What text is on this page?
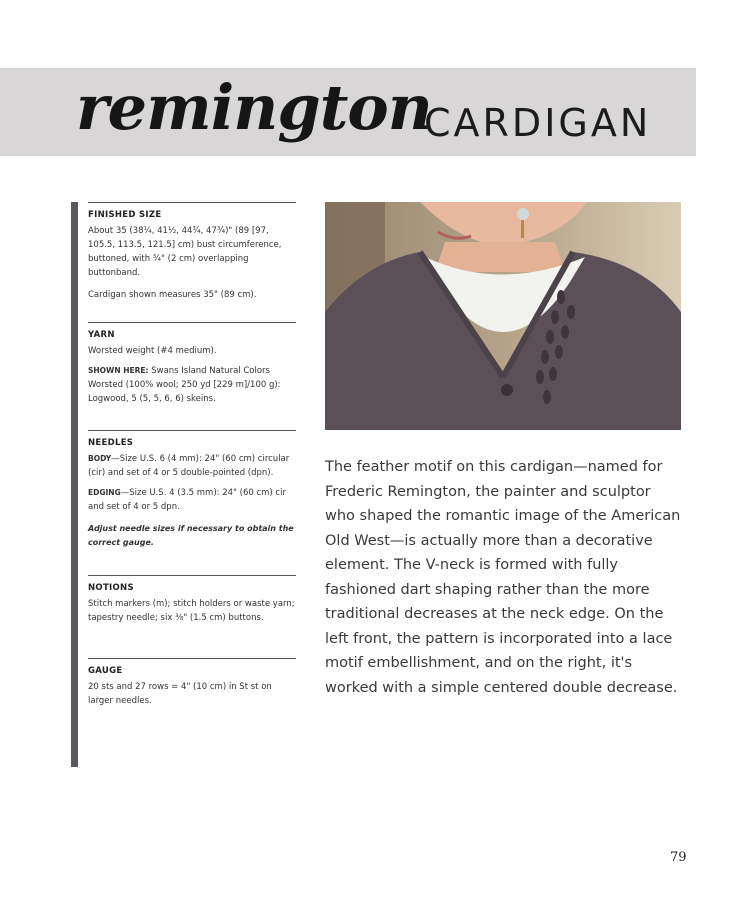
remington
CARDIGAN
FINISHED SIZE
About 35 (38¼, 41½, 44¾, 47¾)" (89 [97, 105.5, 113.5, 121.5] cm) bust circumference, buttoned, with ¾" (2 cm) overlapping buttonband.
Cardigan shown measures 35" (89 cm).
YARN
Worsted weight (#4 medium).
SHOWN HERE: Swans Island Natural Colors Worsted (100% wool; 250 yd [229 m]/100 g): Logwood, 5 (5, 5, 6, 6) skeins.
NEEDLES
BODY—Size U.S. 6 (4 mm): 24" (60 cm) circular (cir) and set of 4 or 5 double-pointed (dpn).
EDGING—Size U.S. 4 (3.5 mm): 24" (60 cm) cir and set of 4 or 5 dpn.
Adjust needle sizes if necessary to obtain the correct gauge.
NOTIONS
Stitch markers (m); stitch holders or waste yarn; tapestry needle; six ⅜" (1.5 cm) buttons.
GAUGE
20 sts and 27 rows = 4" (10 cm) in St st on larger needles.

The feather motif on this cardigan—named for Frederic Remington, the painter and sculptor who shaped the romantic image of the American Old West—is actually more than a decorative element. The V-neck is formed with fully fashioned dart shaping rather than the more traditional decreases at the neck edge. On the left front, the pattern is incorporated into a lace motif embellishment, and on the right, it's worked with a simple centered double decrease.

79
